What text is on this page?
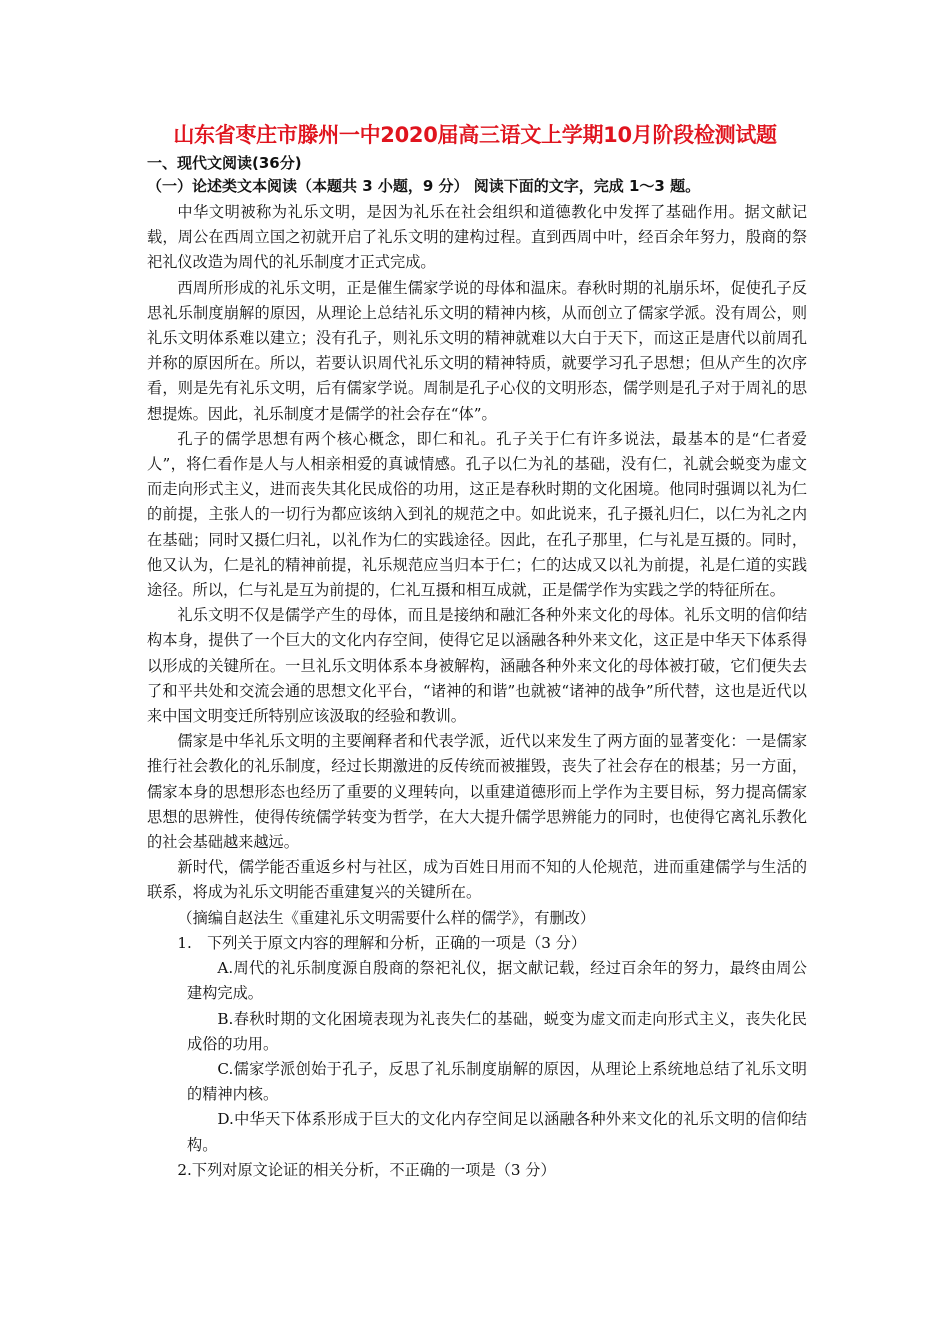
山东省枣庄市滕州一中2020届高三语文上学期10月阶段检测试题
一、现代文阅读(36分)
（一）论述类文本阅读（本题共 3 小题，9 分） 阅读下面的文字，完成 1～3 题。

中华文明被称为礼乐文明，是因为礼乐在社会组织和道德教化中发挥了基础作用。据文献记载，周公在西周立国之初就开启了礼乐文明的建构过程。直到西周中叶，经百余年努力，殷商的祭祀礼仪改造为周代的礼乐制度才正式完成。

西周所形成的礼乐文明，正是催生儒家学说的母体和温床。春秋时期的礼崩乐坏，促使孔子反思礼乐制度崩解的原因，从理论上总结礼乐文明的精神内核，从而创立了儒家学派。没有周公，则礼乐文明体系难以建立；没有孔子，则礼乐文明的精神就难以大白于天下，而这正是唐代以前周孔并称的原因所在。所以，若要认识周代礼乐文明的精神特质，就要学习孔子思想；但从产生的次序看，则是先有礼乐文明，后有儒家学说。周制是孔子心仪的文明形态，儒学则是孔子对于周礼的思想提炼。因此，礼乐制度才是儒学的社会存在“体”。

孔子的儒学思想有两个核心概念，即仁和礼。孔子关于仁有许多说法，最基本的是“仁者爱人”，将仁看作是人与人相亲相爱的真诚情感。孔子以仁为礼的基础，没有仁，礼就会蜕变为虚文而走向形式主义，进而丧失其化民成俗的功用，这正是春秋时期的文化困境。他同时强调以礼为仁的前提，主张人的一切行为都应该纳入到礼的规范之中。如此说来，孔子摄礼归仁，以仁为礼之内在基础；同时又摄仁归礼，以礼作为仁的实践途径。因此，在孔子那里，仁与礼是互摄的。同时，他又认为，仁是礼的精神前提，礼乐规范应当归本于仁；仁的达成又以礼为前提，礼是仁道的实践途径。所以，仁与礼是互为前提的，仁礼互摄和相互成就，正是儒学作为实践之学的特征所在。

礼乐文明不仅是儒学产生的母体，而且是接纳和融汇各种外来文化的母体。礼乐文明的信仰结构本身，提供了一个巨大的文化内存空间，使得它足以涵融各种外来文化，这正是中华天下体系得以形成的关键所在。一旦礼乐文明体系本身被解构，涵融各种外来文化的母体被打破，它们便失去了和平共处和交流会通的思想文化平台，“诸神的和谐”也就被“诸神的战争”所代替，这也是近代以来中国文明变迁所特别应该汲取的经验和教训。

儒家是中华礼乐文明的主要阐释者和代表学派，近代以来发生了两方面的显著变化：一是儒家推行社会教化的礼乐制度，经过长期激进的反传统而被摧毁，丧失了社会存在的根基；另一方面，儒家本身的思想形态也经历了重要的义理转向，以重建道德形而上学作为主要目标，努力提高儒家思想的思辨性，使得传统儒学转变为哲学，在大大提升儒学思辨能力的同时，也使得它离礼乐教化的社会基础越来越远。

新时代，儒学能否重返乡村与社区，成为百姓日用而不知的人伦规范，进而重建儒学与生活的联系，将成为礼乐文明能否重建复兴的关键所在。

（摘编自赵法生《重建礼乐文明需要什么样的儒学》，有删改）

1.　下列关于原文内容的理解和分析，正确的一项是（3 分）

A.周代的礼乐制度源自殷商的祭祀礼仪，据文献记载，经过百余年的努力，最终由周公建构完成。

B.春秋时期的文化困境表现为礼丧失仁的基础，蜕变为虚文而走向形式主义，丧失化民成俗的功用。

C.儒家学派创始于孔子，反思了礼乐制度崩解的原因，从理论上系统地总结了礼乐文明的精神内核。

D.中华天下体系形成于巨大的文化内存空间足以涵融各种外来文化的礼乐文明的信仰结构。

2.下列对原文论证的相关分析，不正确的一项是（3 分）
